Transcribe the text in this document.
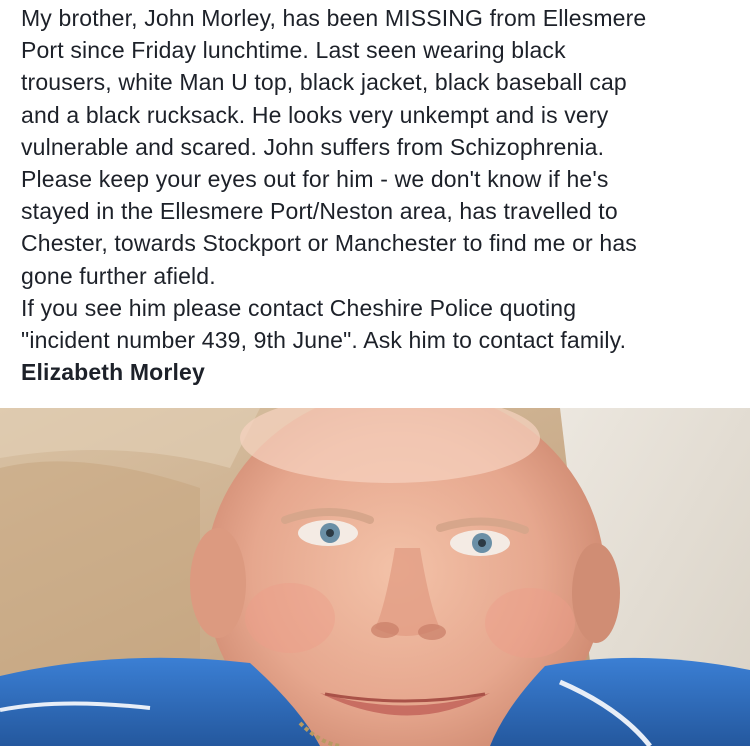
My brother, John Morley, has been MISSING from Ellesmere
Port since Friday lunchtime. Last seen wearing black
trousers, white Man U top, black jacket, black baseball cap
and a black rucksack. He looks very unkempt and is very
vulnerable and scared. John suffers from Schizophrenia.
Please keep your eyes out for him - we don't know if he's
stayed in the Ellesmere Port/Neston area, has travelled to
Chester, towards Stockport or Manchester to find me or has
gone further afield.
If you see him please contact Cheshire Police quoting
"incident number 439, 9th June". Ask him to contact family.
Elizabeth Morley
